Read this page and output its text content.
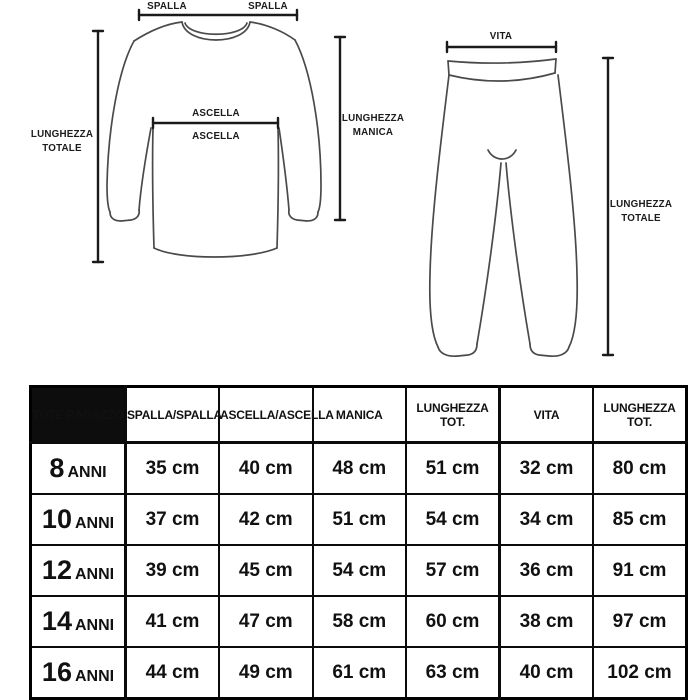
SPALLA	SPALLA
ASCELLA
ASCELLA
LUNGHEZZA
TOTALE
LUNGHEZZA
MANICA
VITA
LUNGHEZZA
TOTALE
TUTE RAGAZZO	SPALLA/SPALLA	ASCELLA/ASCELLA	MANICA	LUNGHEZZA TOT.	VITA	LUNGHEZZA TOT.
8 ANNI	35 cm	40 cm	48 cm	51 cm	32 cm	80 cm
10 ANNI	37 cm	42 cm	51 cm	54 cm	34 cm	85 cm
12 ANNI	39 cm	45 cm	54 cm	57 cm	36 cm	91 cm
14 ANNI	41 cm	47 cm	58 cm	60 cm	38 cm	97 cm
16 ANNI	44 cm	49 cm	61 cm	63 cm	40 cm	102 cm
